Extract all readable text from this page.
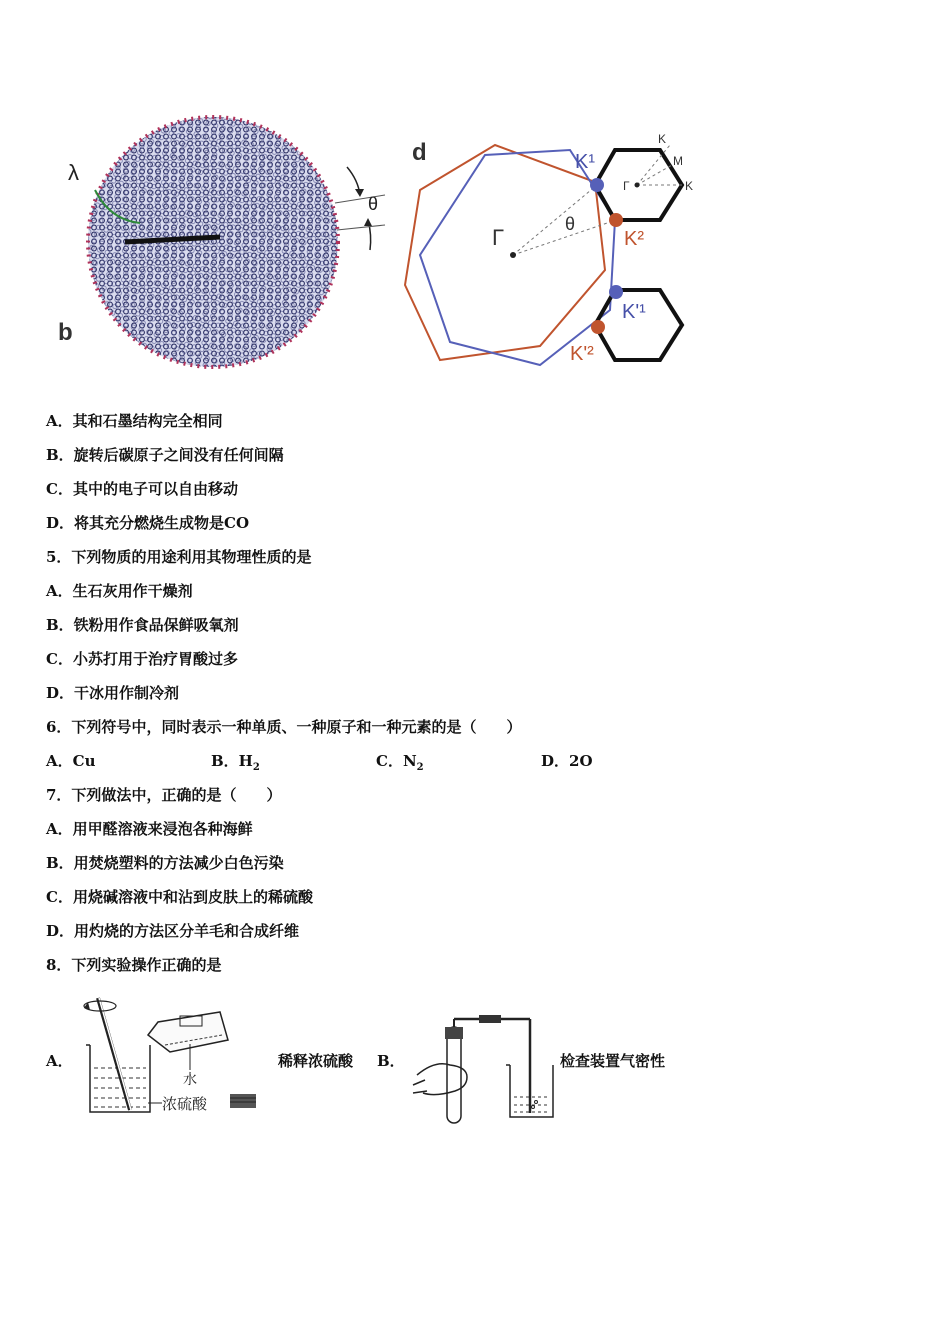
λ
θ
b
d
Γ
θ
K¹
K²
K'¹
K'²
K
M
Γ	K
A．其和石墨结构完全相同
B．旋转后碳原子之间没有任何间隔
C．其中的电子可以自由移动
D．将其充分燃烧生成物是CO
5．下列物质的用途利用其物理性质的是
A．生石灰用作干燥剂
B．铁粉用作食品保鲜吸氧剂
C．小苏打用于治疗胃酸过多
D．干冰用作制冷剂
6．下列符号中，同时表示一种单质、一种原子和一种元素的是（　　）
A．Cu	B．$H_2$	C．$N_2$	D．2O
7．下列做法中，正确的是（　　）
A．用甲醛溶液来浸泡各种海鲜
B．用焚烧塑料的方法减少白色污染
C．用烧碱溶液中和沾到皮肤上的稀硫酸
D．用灼烧的方法区分羊毛和合成纤维
8．下列实验操作正确的是
A．
水
浓硫酸
稀释浓硫酸 B．	检查装置气密性
